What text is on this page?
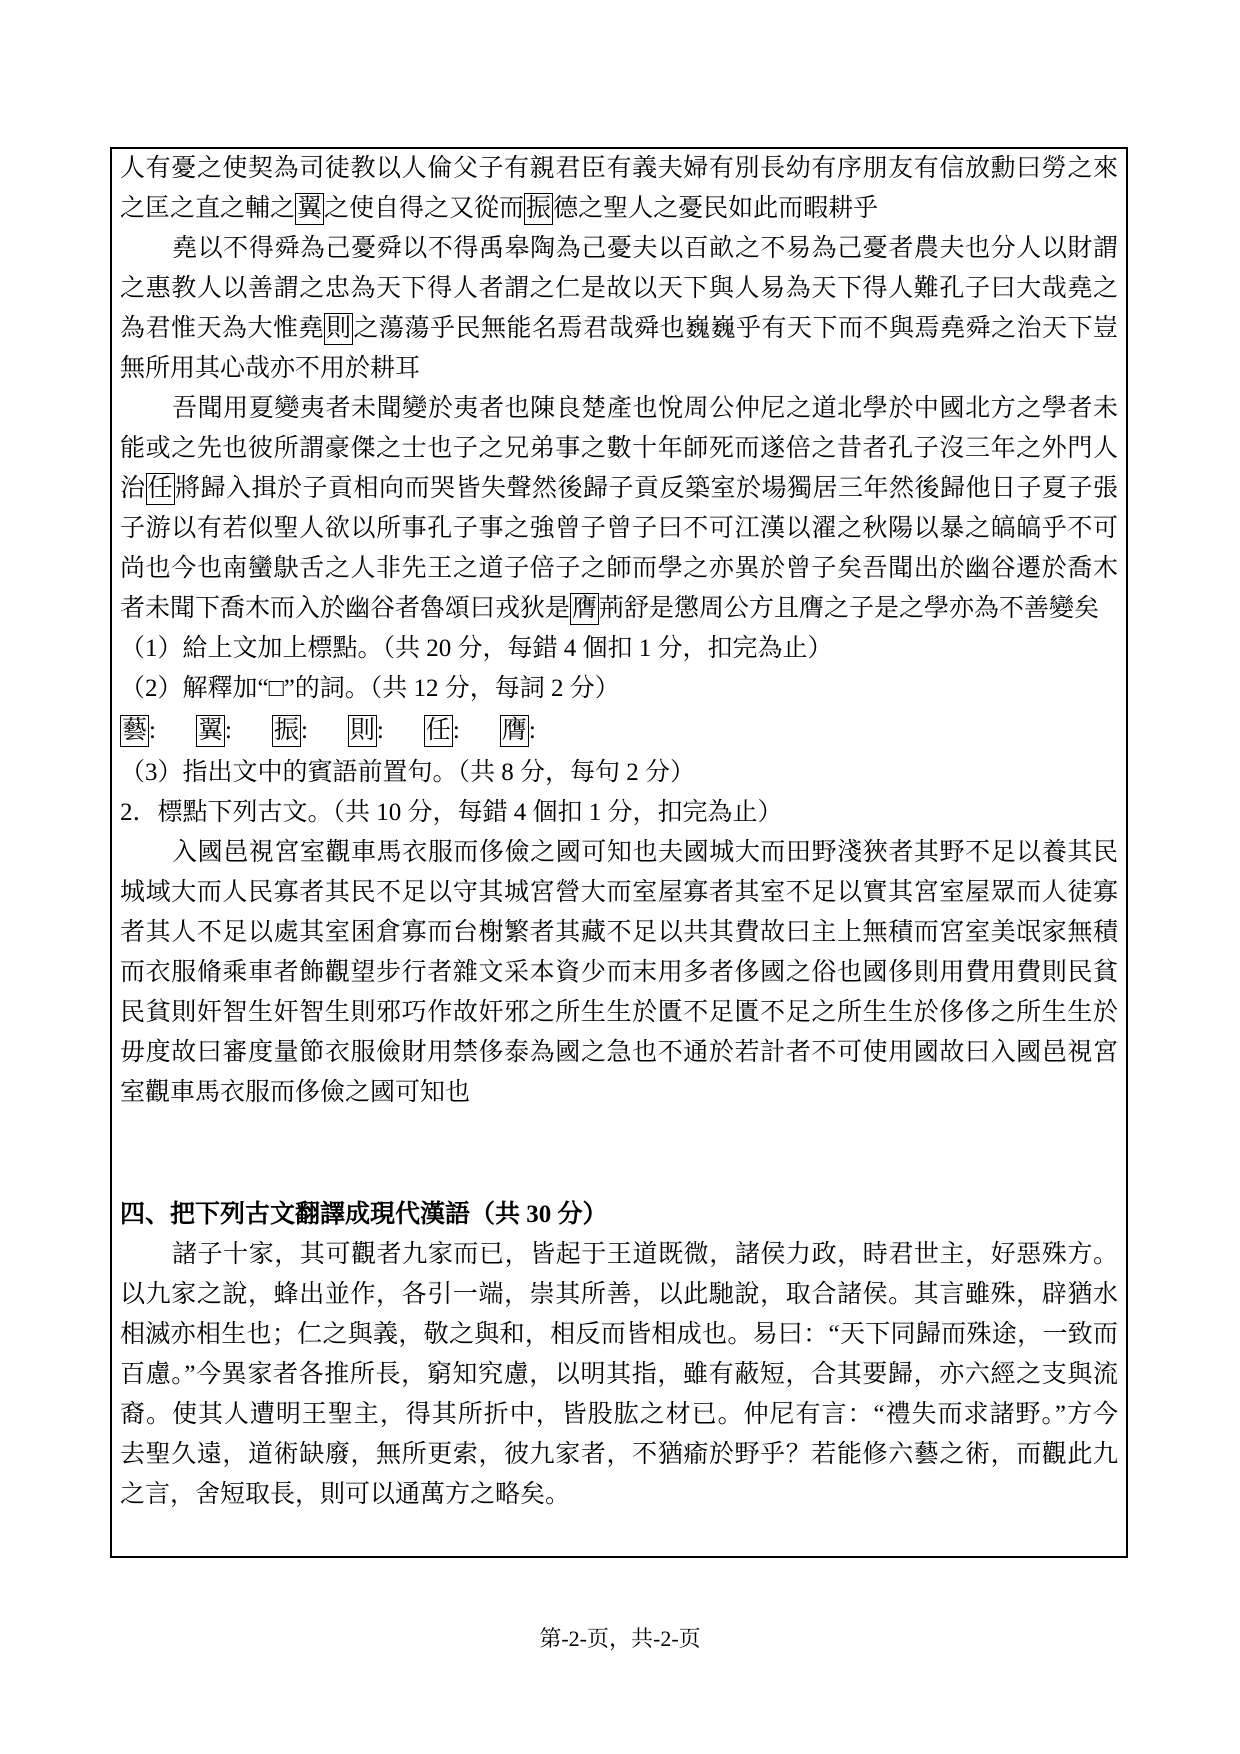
人有憂之使契為司徒教以人倫父子有親君臣有義夫婦有別長幼有序朋友有信放勳曰勞之來
之匡之直之輔之翼之使自得之又從而振德之聖人之憂民如此而暇耕乎
堯以不得舜為己憂舜以不得禹皋陶為己憂夫以百畝之不易為己憂者農夫也分人以財謂
之惠教人以善謂之忠為天下得人者謂之仁是故以天下與人易為天下得人難孔子曰大哉堯之
為君惟天為大惟堯則之蕩蕩乎民無能名焉君哉舜也巍巍乎有天下而不與焉堯舜之治天下豈
無所用其心哉亦不用於耕耳
吾聞用夏變夷者未聞變於夷者也陳良楚產也悅周公仲尼之道北學於中國北方之學者未
能或之先也彼所謂豪傑之士也子之兄弟事之數十年師死而遂倍之昔者孔子沒三年之外門人
治任將歸入揖於子貢相向而哭皆失聲然後歸子貢反築室於場獨居三年然後歸他日子夏子張
子游以有若似聖人欲以所事孔子事之強曾子曾子曰不可江漢以濯之秋陽以暴之皜皜乎不可
尚也今也南蠻鴃舌之人非先王之道子倍子之師而學之亦異於曾子矣吾聞出於幽谷遷於喬木
者未聞下喬木而入於幽谷者魯頌曰戎狄是膺荊舒是懲周公方且膺之子是之學亦為不善變矣
（1）給上文加上標點。（共 20 分，每錯 4 個扣 1 分，扣完為止）
（2）解釋加“□”的詞。（共 12 分，每詞 2 分）
藝: 翼: 振: 則: 任: 膺:
（3）指出文中的賓語前置句。（共 8 分，每句 2 分）
2．標點下列古文。（共 10 分，每錯 4 個扣 1 分，扣完為止）
入國邑視宮室觀車馬衣服而侈儉之國可知也夫國城大而田野淺狹者其野不足以養其民
城域大而人民寡者其民不足以守其城宮營大而室屋寡者其室不足以實其宮室屋眾而人徒寡
者其人不足以處其室囷倉寡而台榭繁者其藏不足以共其費故曰主上無積而宮室美氓家無積
而衣服脩乘車者飾觀望步行者雜文采本資少而末用多者侈國之俗也國侈則用費用費則民貧
民貧則奸智生奸智生則邪巧作故奸邪之所生生於匱不足匱不足之所生生於侈侈之所生生於
毋度故曰審度量節衣服儉財用禁侈泰為國之急也不通於若計者不可使用國故曰入國邑視宮
室觀車馬衣服而侈儉之國可知也
四、把下列古文翻譯成現代漢語（共 30 分）
諸子十家，其可觀者九家而已，皆起于王道既微，諸侯力政，時君世主，好惡殊方。
以九家之說，蜂出並作，各引一端，崇其所善，以此馳說，取合諸侯。其言雖殊，辟猶水
相滅亦相生也；仁之與義，敬之與和，相反而皆相成也。易曰：“天下同歸而殊途，一致而
百慮。”今異家者各推所長，窮知究慮，以明其指，雖有蔽短，合其要歸，亦六經之支與流
裔。使其人遭明王聖主，得其所折中，皆股肱之材已。仲尼有言：“禮失而求諸野。”方今
去聖久遠，道術缺廢，無所更索，彼九家者，不猶瘉於野乎？若能修六藝之術，而觀此九
之言，舍短取長，則可以通萬方之略矣。
第-2-页，共-2-页
